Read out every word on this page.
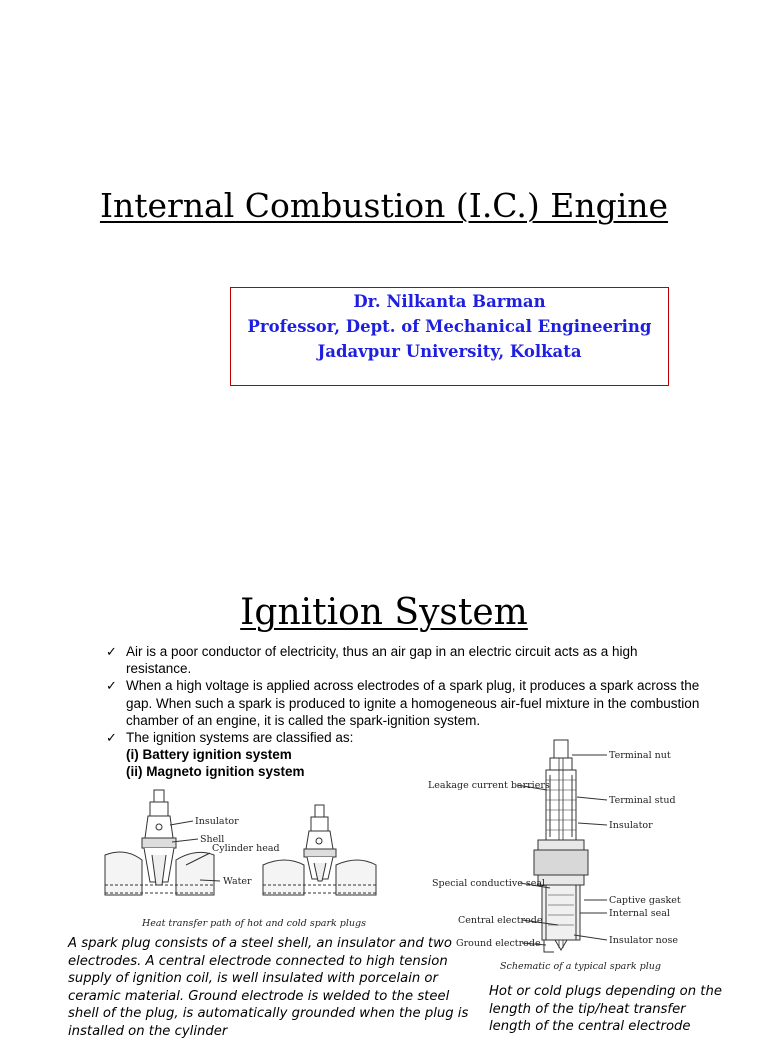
Internal Combustion (I.C.) Engine
Dr. Nilkanta Barman
Professor, Dept. of Mechanical Engineering
Jadavpur University, Kolkata
Ignition System
✓ Air is a poor conductor of electricity, thus an air gap in an electric circuit acts as a high resistance.
✓ When a high voltage is applied across electrodes of a spark plug, it produces a spark across the gap. When such a spark is produced to ignite a homogeneous air-fuel mixture in the combustion chamber of an engine, it is called the spark-ignition system.
✓ The ignition systems are classified as:
(i) Battery ignition system
(ii) Magneto ignition system
Insulator
Shell
Cylinder head
Water
Heat transfer path of hot and cold spark plugs
Terminal nut
Leakage current barriers
Terminal stud
Insulator
Special conductive seal
Captive gasket
Internal seal
Central electrode
Ground electrode	Insulator nose
Schematic of a typical spark plug
A spark plug consists of a steel shell, an insulator and two electrodes. A central electrode connected to high tension supply of ignition coil, is well insulated with porcelain or ceramic material. Ground electrode is welded to the steel shell of the plug, is automatically grounded when the plug is installed on the cylinder
Hot or cold plugs depending on the length of the tip/heat transfer length of the central electrode
